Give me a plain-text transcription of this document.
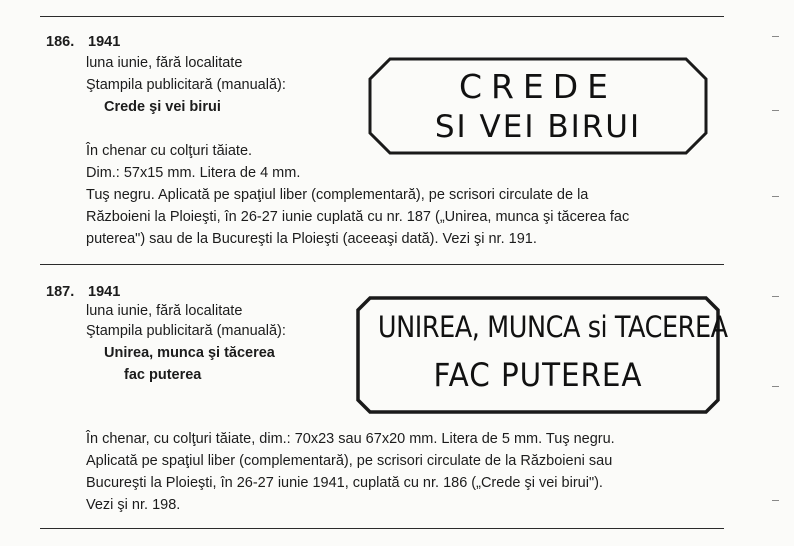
186. 1941
luna iunie, fără localitate
Ştampila publicitară (manuală):
Crede şi vei birui
În chenar cu colţuri tăiate.
Dim.: 57x15 mm. Litera de 4 mm.
Tuş negru. Aplicată pe spaţiul liber (complementară), pe scrisori circulate de la
Războieni la Ploieşti, în 26-27 iunie cuplată cu nr. 187 („Unirea, munca şi tăcerea fac
puterea") sau de la Bucureşti la Ploieşti (aceeaşi dată). Vezi şi nr. 191.
CREDE
SI VEI BIRUI
187. 1941
luna iunie, fără localitate
Ştampila publicitară (manuală):
Unirea, munca şi tăcerea
fac puterea
În chenar, cu colţuri tăiate, dim.: 70x23 sau 67x20 mm. Litera de 5 mm. Tuş negru.
Aplicată pe spaţiul liber (complementară), pe scrisori circulate de la Războieni sau
Bucureşti la Ploieşti, în 26-27 iunie 1941, cuplată cu nr. 186 („Crede şi vei birui").
Vezi şi nr. 198.
UNIREA, MUNCA si TACEREA
FAC PUTEREA
